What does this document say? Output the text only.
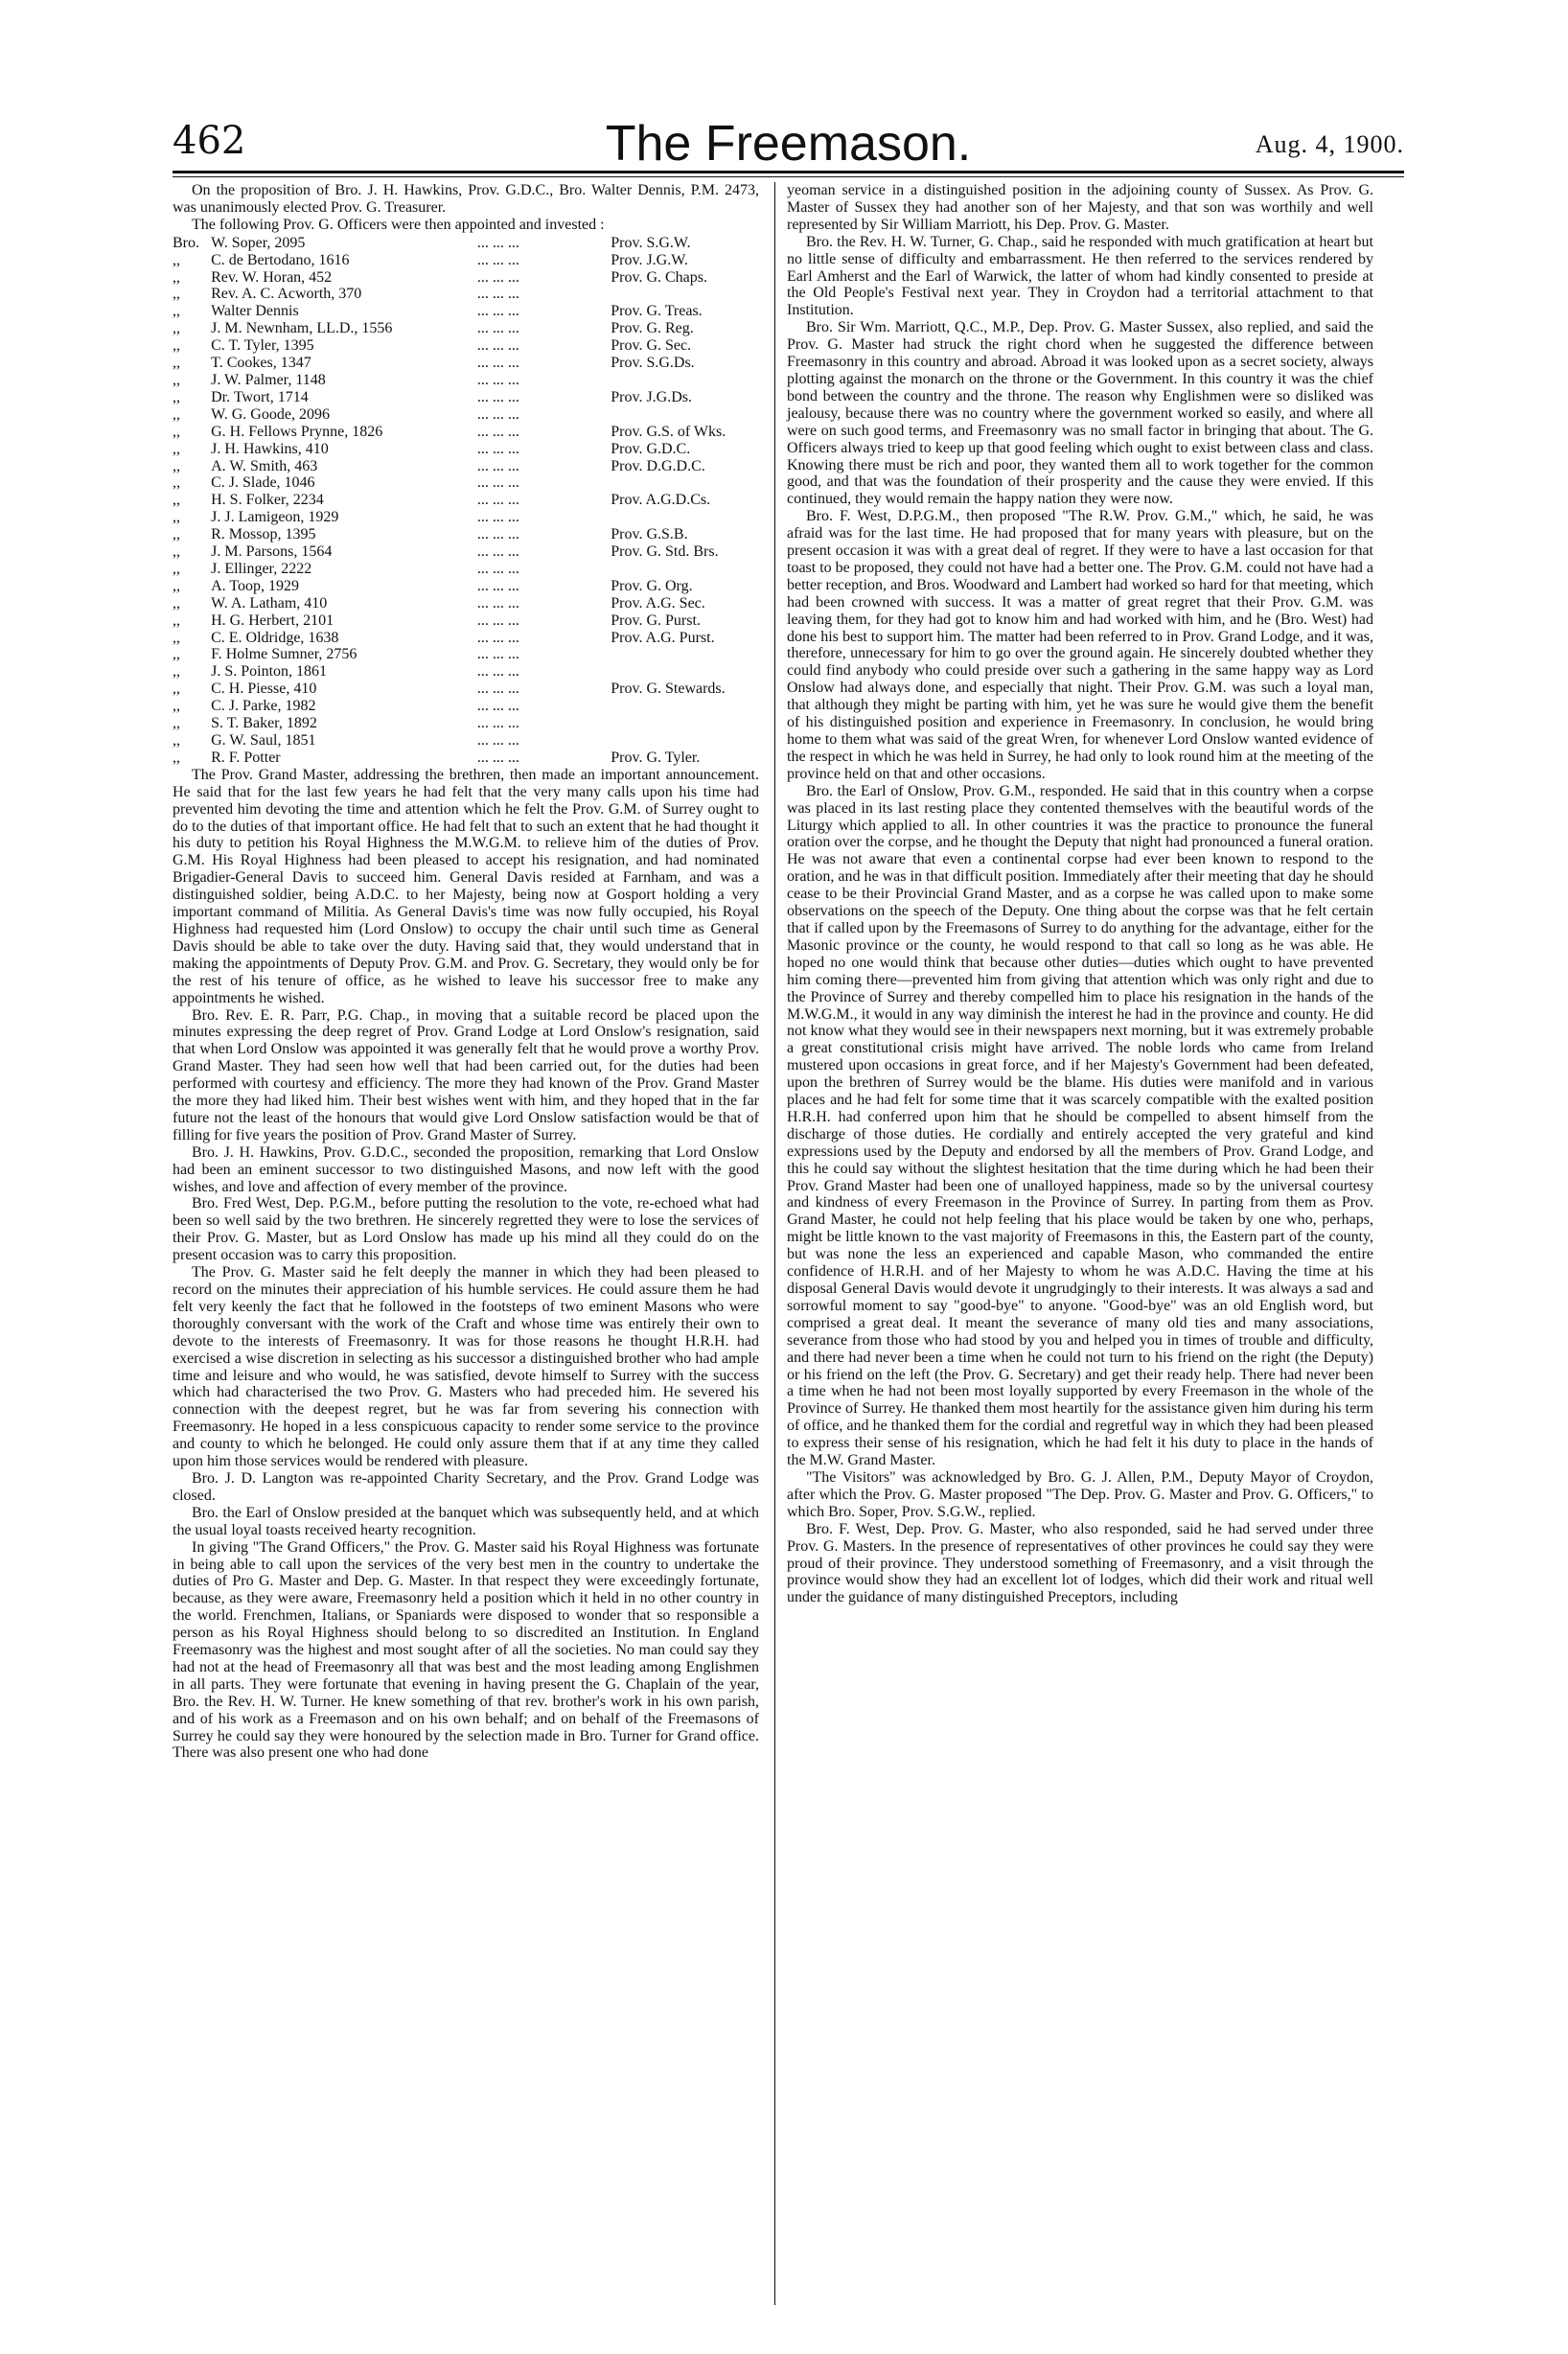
462	The Freemason.	Aug. 4, 1900.

On the proposition of Bro. J. H. Hawkins, Prov. G.D.C., Bro. Walter Dennis, P.M. 2473, was unanimously elected Prov. G. Treasurer.

The following Prov. G. Officers were then appointed and invested :

Bro.	W. Soper, 2095	... ... ...	Prov. S.G.W.
,,	C. de Bertodano, 1616	... ... ...	Prov. J.G.W.
,,	Rev. W. Horan, 452	... ... ...	Prov. G. Chaps.
,,	Rev. A. C. Acworth, 370	... ... ...	
,,	Walter Dennis	... ... ...	Prov. G. Treas.
,,	J. M. Newnham, LL.D., 1556	... ... ...	Prov. G. Reg.
,,	C. T. Tyler, 1395	... ... ...	Prov. G. Sec.
,,	T. Cookes, 1347	... ... ...	Prov. S.G.Ds.
,,	J. W. Palmer, 1148	... ... ...	
,,	Dr. Twort, 1714	... ... ...	Prov. J.G.Ds.
,,	W. G. Goode, 2096	... ... ...	
,,	G. H. Fellows Prynne, 1826	... ... ...	Prov. G.S. of Wks.
,,	J. H. Hawkins, 410	... ... ...	Prov. G.D.C.
,,	A. W. Smith, 463	... ... ...	Prov. D.G.D.C.
,,	C. J. Slade, 1046	... ... ...	
,,	H. S. Folker, 2234	... ... ...	Prov. A.G.D.Cs.
,,	J. J. Lamigeon, 1929	... ... ...	
,,	R. Mossop, 1395	... ... ...	Prov. G.S.B.
,,	J. M. Parsons, 1564	... ... ...	Prov. G. Std. Brs.
,,	J. Ellinger, 2222	... ... ...	
,,	A. Toop, 1929	... ... ...	Prov. G. Org.
,,	W. A. Latham, 410	... ... ...	Prov. A.G. Sec.
,,	H. G. Herbert, 2101	... ... ...	Prov. G. Purst.
,,	C. E. Oldridge, 1638	... ... ...	Prov. A.G. Purst.
,,	F. Holme Sumner, 2756	... ... ...	
,,	J. S. Pointon, 1861	... ... ...	
,,	C. H. Piesse, 410	... ... ...	Prov. G. Stewards.
,,	C. J. Parke, 1982	... ... ...	
,,	S. T. Baker, 1892	... ... ...	
,,	G. W. Saul, 1851	... ... ...	
,,	R. F. Potter	... ... ...	Prov. G. Tyler.

The Prov. Grand Master, addressing the brethren, then made an important announcement. He said that for the last few years he had felt that the very many calls upon his time had prevented him devoting the time and attention which he felt the Prov. G.M. of Surrey ought to do to the duties of that important office. He had felt that to such an extent that he had thought it his duty to petition his Royal Highness the M.W.G.M. to relieve him of the duties of Prov. G.M. His Royal Highness had been pleased to accept his resignation, and had nominated Brigadier-General Davis to succeed him. General Davis resided at Farnham, and was a distinguished soldier, being A.D.C. to her Majesty, being now at Gosport holding a very important command of Militia. As General Davis's time was now fully occupied, his Royal Highness had requested him (Lord Onslow) to occupy the chair until such time as General Davis should be able to take over the duty. Having said that, they would understand that in making the appointments of Deputy Prov. G.M. and Prov. G. Secretary, they would only be for the rest of his tenure of office, as he wished to leave his successor free to make any appointments he wished.

Bro. Rev. E. R. Parr, P.G. Chap., in moving that a suitable record be placed upon the minutes expressing the deep regret of Prov. Grand Lodge at Lord Onslow's resignation, said that when Lord Onslow was appointed it was generally felt that he would prove a worthy Prov. Grand Master. They had seen how well that had been carried out, for the duties had been performed with courtesy and efficiency. The more they had known of the Prov. Grand Master the more they had liked him. Their best wishes went with him, and they hoped that in the far future not the least of the honours that would give Lord Onslow satisfaction would be that of filling for five years the position of Prov. Grand Master of Surrey.

Bro. J. H. Hawkins, Prov. G.D.C., seconded the proposition, remarking that Lord Onslow had been an eminent successor to two distinguished Masons, and now left with the good wishes, and love and affection of every member of the province.

Bro. Fred West, Dep. P.G.M., before putting the resolution to the vote, re-echoed what had been so well said by the two brethren. He sincerely regretted they were to lose the services of their Prov. G. Master, but as Lord Onslow has made up his mind all they could do on the present occasion was to carry this proposition.

The Prov. G. Master said he felt deeply the manner in which they had been pleased to record on the minutes their appreciation of his humble services. He could assure them he had felt very keenly the fact that he followed in the footsteps of two eminent Masons who were thoroughly conversant with the work of the Craft and whose time was entirely their own to devote to the interests of Freemasonry. It was for those reasons he thought H.R.H. had exercised a wise discretion in selecting as his successor a distinguished brother who had ample time and leisure and who would, he was satisfied, devote himself to Surrey with the success which had characterised the two Prov. G. Masters who had preceded him. He severed his connection with the deepest regret, but he was far from severing his connection with Freemasonry. He hoped in a less conspicuous capacity to render some service to the province and county to which he belonged. He could only assure them that if at any time they called upon him those services would be rendered with pleasure.

Bro. J. D. Langton was re-appointed Charity Secretary, and the Prov. Grand Lodge was closed.

Bro. the Earl of Onslow presided at the banquet which was subsequently held, and at which the usual loyal toasts received hearty recognition.

In giving "The Grand Officers," the Prov. G. Master said his Royal Highness was fortunate in being able to call upon the services of the very best men in the country to undertake the duties of Pro G. Master and Dep. G. Master. In that respect they were exceedingly fortunate, because, as they were aware, Freemasonry held a position which it held in no other country in the world. Frenchmen, Italians, or Spaniards were disposed to wonder that so responsible a person as his Royal Highness should belong to so discredited an Institution. In England Freemasonry was the highest and most sought after of all the societies. No man could say they had not at the head of Freemasonry all that was best and the most leading among Englishmen in all parts. They were fortunate that evening in having present the G. Chaplain of the year, Bro. the Rev. H. W. Turner. He knew something of that rev. brother's work in his own parish, and of his work as a Freemason and on his own behalf; and on behalf of the Freemasons of Surrey he could say they were honoured by the selection made in Bro. Turner for Grand office. There was also present one who had done

yeoman service in a distinguished position in the adjoining county of Sussex. As Prov. G. Master of Sussex they had another son of her Majesty, and that son was worthily and well represented by Sir William Marriott, his Dep. Prov. G. Master.

Bro. the Rev. H. W. Turner, G. Chap., said he responded with much gratification at heart but no little sense of difficulty and embarrassment. He then referred to the services rendered by Earl Amherst and the Earl of Warwick, the latter of whom had kindly consented to preside at the Old People's Festival next year. They in Croydon had a territorial attachment to that Institution.

Bro. Sir Wm. Marriott, Q.C., M.P., Dep. Prov. G. Master Sussex, also replied, and said the Prov. G. Master had struck the right chord when he suggested the difference between Freemasonry in this country and abroad. Abroad it was looked upon as a secret society, always plotting against the monarch on the throne or the Government. In this country it was the chief bond between the country and the throne. The reason why Englishmen were so disliked was jealousy, because there was no country where the government worked so easily, and where all were on such good terms, and Freemasonry was no small factor in bringing that about. The G. Officers always tried to keep up that good feeling which ought to exist between class and class. Knowing there must be rich and poor, they wanted them all to work together for the common good, and that was the foundation of their prosperity and the cause they were envied. If this continued, they would remain the happy nation they were now.

Bro. F. West, D.P.G.M., then proposed "The R.W. Prov. G.M.," which, he said, he was afraid was for the last time. He had proposed that for many years with pleasure, but on the present occasion it was with a great deal of regret. If they were to have a last occasion for that toast to be proposed, they could not have had a better one. The Prov. G.M. could not have had a better reception, and Bros. Woodward and Lambert had worked so hard for that meeting, which had been crowned with success. It was a matter of great regret that their Prov. G.M. was leaving them, for they had got to know him and had worked with him, and he (Bro. West) had done his best to support him. The matter had been referred to in Prov. Grand Lodge, and it was, therefore, unnecessary for him to go over the ground again. He sincerely doubted whether they could find anybody who could preside over such a gathering in the same happy way as Lord Onslow had always done, and especially that night. Their Prov. G.M. was such a loyal man, that although they might be parting with him, yet he was sure he would give them the benefit of his distinguished position and experience in Freemasonry. In conclusion, he would bring home to them what was said of the great Wren, for whenever Lord Onslow wanted evidence of the respect in which he was held in Surrey, he had only to look round him at the meeting of the province held on that and other occasions.

Bro. the Earl of Onslow, Prov. G.M., responded. He said that in this country when a corpse was placed in its last resting place they contented themselves with the beautiful words of the Liturgy which applied to all. In other countries it was the practice to pronounce the funeral oration over the corpse, and he thought the Deputy that night had pronounced a funeral oration. He was not aware that even a continental corpse had ever been known to respond to the oration, and he was in that difficult position. Immediately after their meeting that day he should cease to be their Provincial Grand Master, and as a corpse he was called upon to make some observations on the speech of the Deputy. One thing about the corpse was that he felt certain that if called upon by the Freemasons of Surrey to do anything for the advantage, either for the Masonic province or the county, he would respond to that call so long as he was able. He hoped no one would think that because other duties—duties which ought to have prevented him coming there—prevented him from giving that attention which was only right and due to the Province of Surrey and thereby compelled him to place his resignation in the hands of the M.W.G.M., it would in any way diminish the interest he had in the province and county. He did not know what they would see in their newspapers next morning, but it was extremely probable a great constitutional crisis might have arrived. The noble lords who came from Ireland mustered upon occasions in great force, and if her Majesty's Government had been defeated, upon the brethren of Surrey would be the blame. His duties were manifold and in various places and he had felt for some time that it was scarcely compatible with the exalted position H.R.H. had conferred upon him that he should be compelled to absent himself from the discharge of those duties. He cordially and entirely accepted the very grateful and kind expressions used by the Deputy and endorsed by all the members of Prov. Grand Lodge, and this he could say without the slightest hesitation that the time during which he had been their Prov. Grand Master had been one of unalloyed happiness, made so by the universal courtesy and kindness of every Freemason in the Province of Surrey. In parting from them as Prov. Grand Master, he could not help feeling that his place would be taken by one who, perhaps, might be little known to the vast majority of Freemasons in this, the Eastern part of the county, but was none the less an experienced and capable Mason, who commanded the entire confidence of H.R.H. and of her Majesty to whom he was A.D.C. Having the time at his disposal General Davis would devote it ungrudgingly to their interests. It was always a sad and sorrowful moment to say "good-bye" to anyone. "Good-bye" was an old English word, but comprised a great deal. It meant the severance of many old ties and many associations, severance from those who had stood by you and helped you in times of trouble and difficulty, and there had never been a time when he could not turn to his friend on the right (the Deputy) or his friend on the left (the Prov. G. Secretary) and get their ready help. There had never been a time when he had not been most loyally supported by every Freemason in the whole of the Province of Surrey. He thanked them most heartily for the assistance given him during his term of office, and he thanked them for the cordial and regretful way in which they had been pleased to express their sense of his resignation, which he had felt it his duty to place in the hands of the M.W. Grand Master.

"The Visitors" was acknowledged by Bro. G. J. Allen, P.M., Deputy Mayor of Croydon, after which the Prov. G. Master proposed "The Dep. Prov. G. Master and Prov. G. Officers," to which Bro. Soper, Prov. S.G.W., replied.

Bro. F. West, Dep. Prov. G. Master, who also responded, said he had served under three Prov. G. Masters. In the presence of representatives of other provinces he could say they were proud of their province. They understood something of Freemasonry, and a visit through the province would show they had an excellent lot of lodges, which did their work and ritual well under the guidance of many distinguished Preceptors, including
